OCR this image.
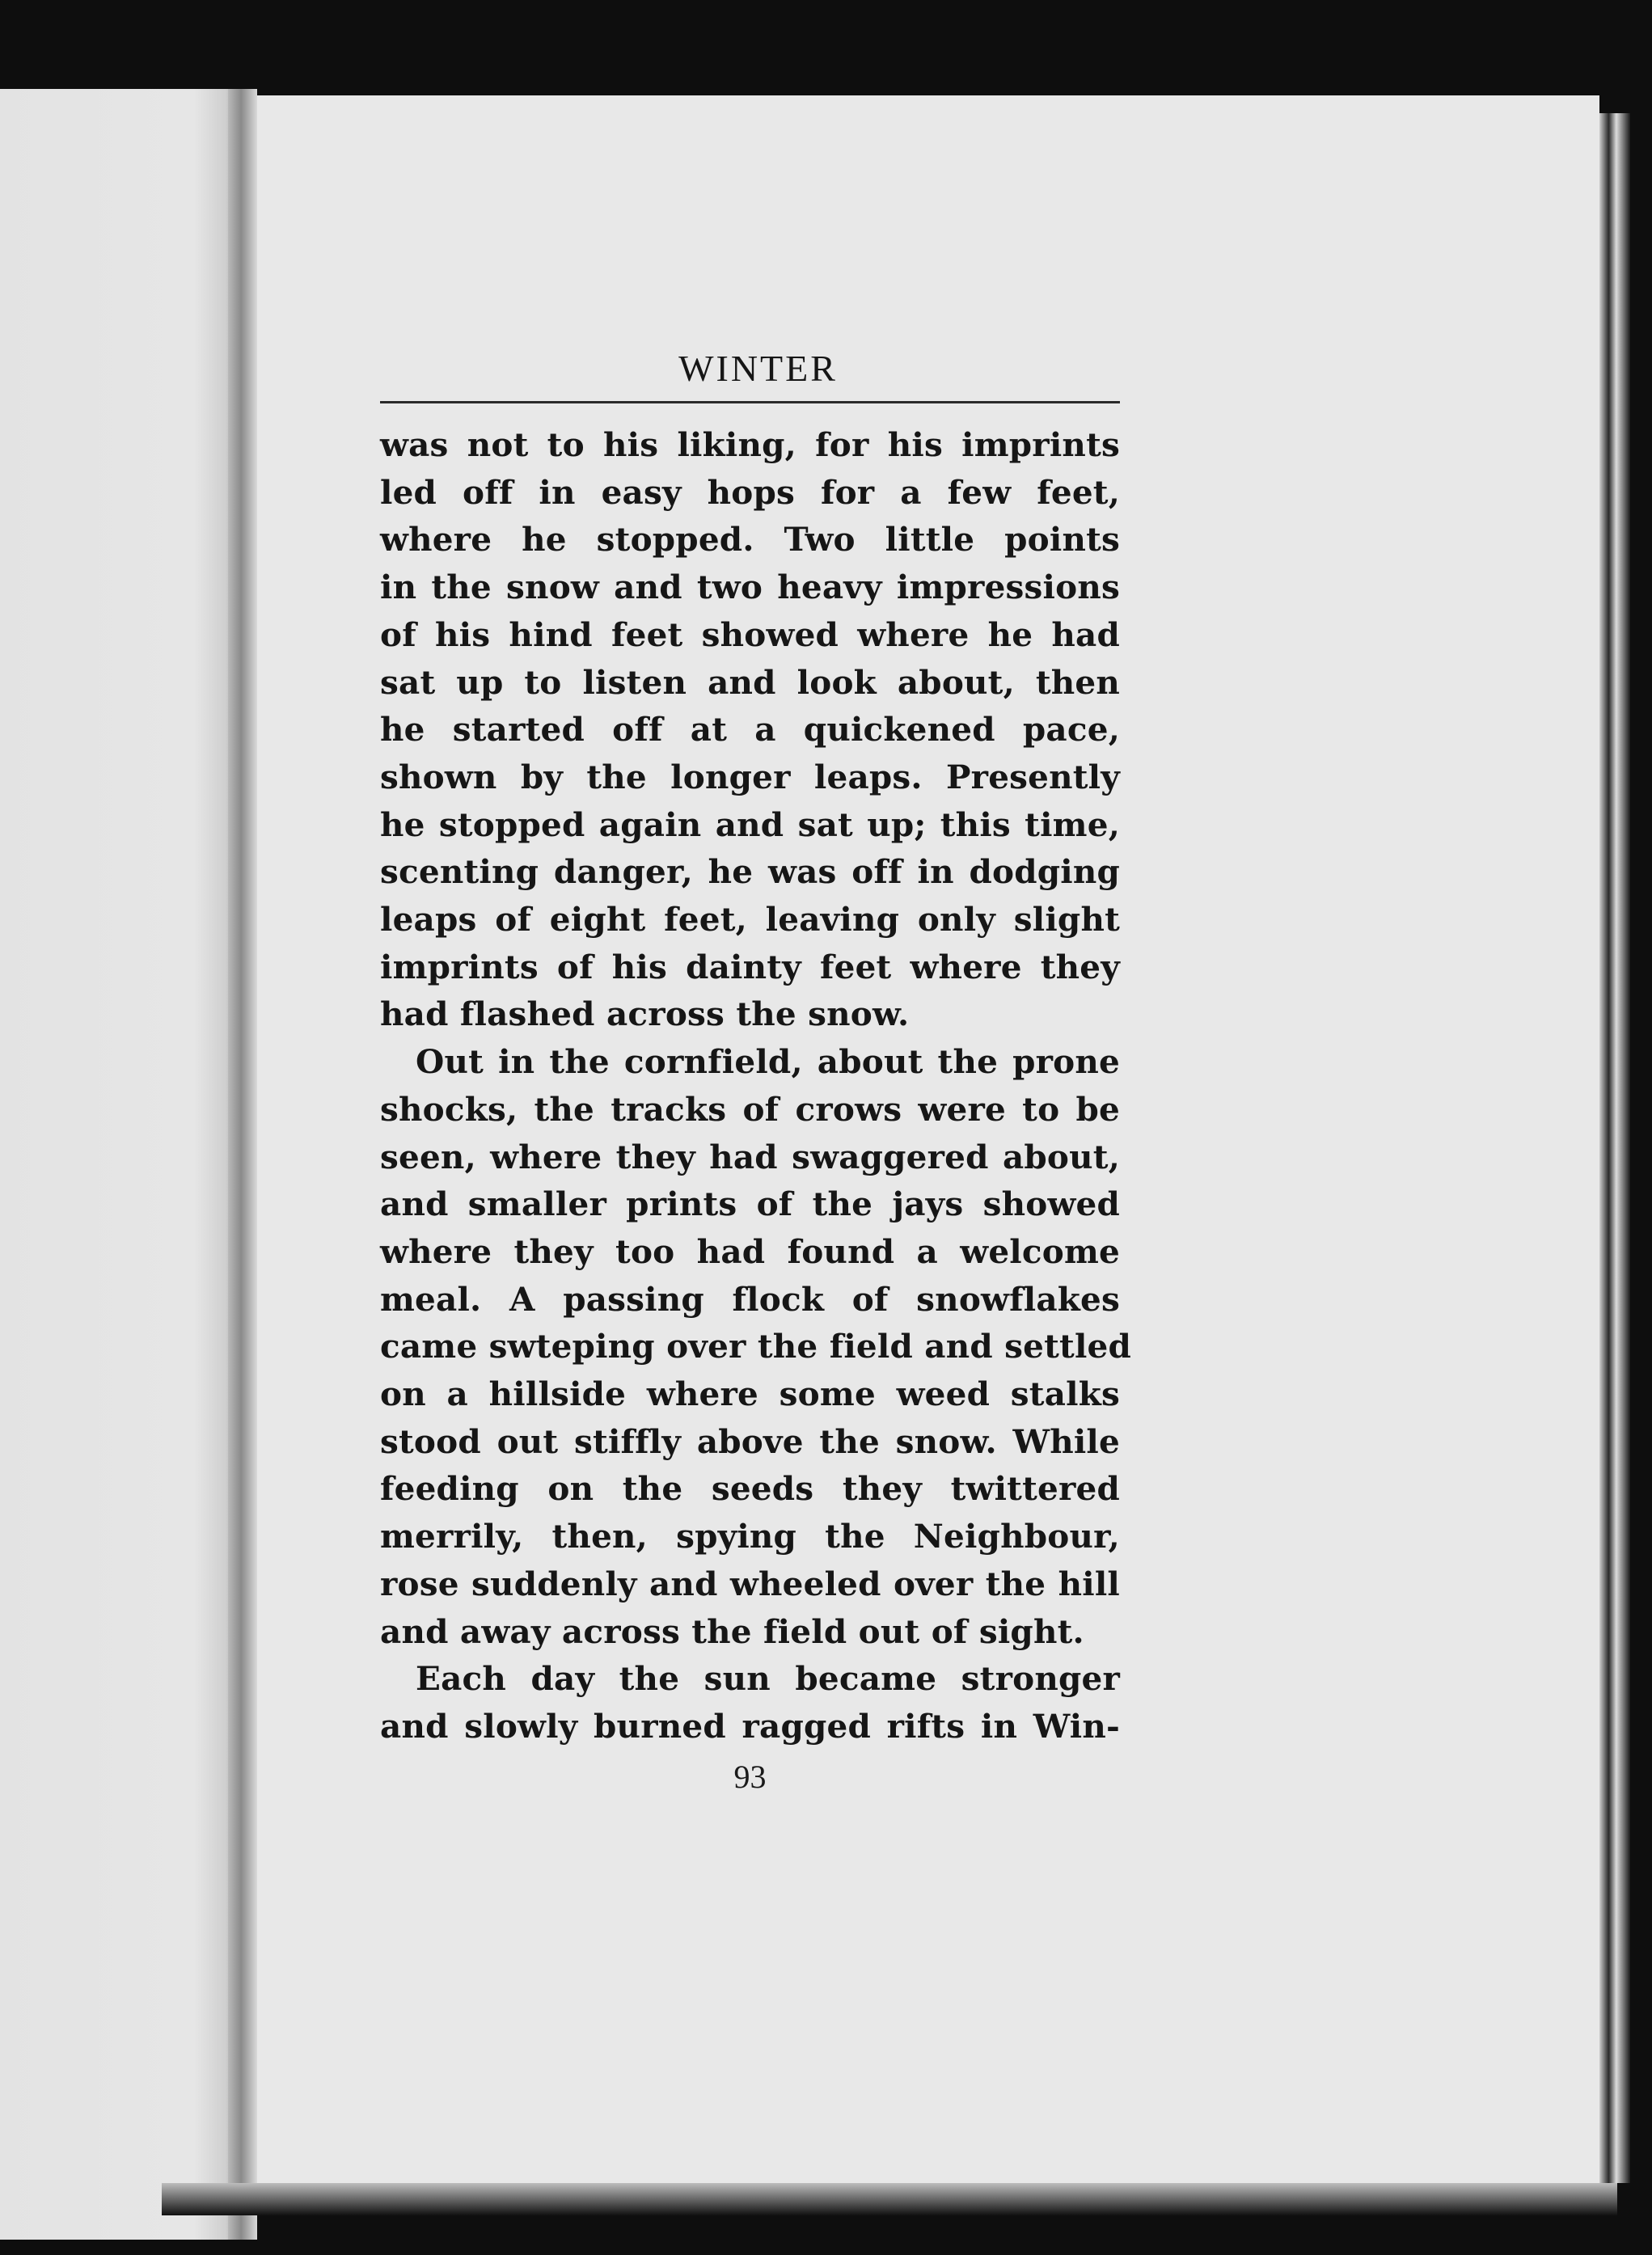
WINTER
was not to his liking, for his imprints
led off in easy hops for a few feet,
where he stopped. Two little points
in the snow and two heavy impressions
of his hind feet showed where he had
sat up to listen and look about, then
he started off at a quickened pace,
shown by the longer leaps. Presently
he stopped again and sat up; this time,
scenting danger, he was off in dodging
leaps of eight feet, leaving only slight
imprints of his dainty feet where they
had flashed across the snow.
Out in the cornfield, about the prone
shocks, the tracks of crows were to be
seen, where they had swaggered about,
and smaller prints of the jays showed
where they too had found a welcome
meal. A passing flock of snowflakes
came swteping over the field and settled
on a hillside where some weed stalks
stood out stiffly above the snow. While
feeding on the seeds they twittered
merrily, then, spying the Neighbour,
rose suddenly and wheeled over the hill
and away across the field out of sight.
Each day the sun became stronger
and slowly burned ragged rifts in Win-
93
